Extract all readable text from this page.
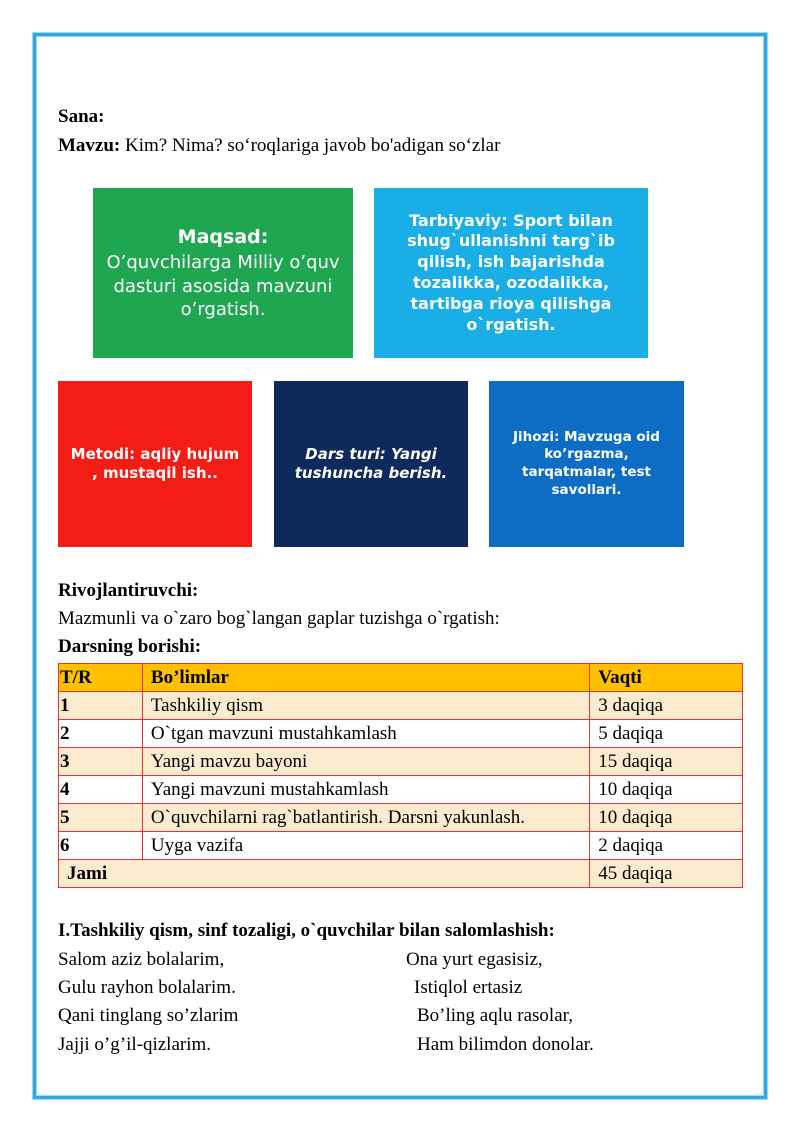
Sana:
Mavzu: Kim? Nima? so‘roqlariga javob bo'adigan so‘zlar
Maqsad:
O’quvchilarga Milliy o’quv dasturi asosida mavzuni o’rgatish.
Tarbiyaviy: Sport bilan shug`ullanishni targ`ib qilish, ish bajarishda tozalikka, ozodalikka, tartibga rioya qilishga o`rgatish.
Metodi: aqliy hujum , mustaqil ish..
Dars turi: Yangi tushuncha berish.
Jihozi: Mavzuga oid ko’rgazma, tarqatmalar, test savollari.
Rivojlantiruvchi:
Mazmunli va o`zaro bog`langan gaplar tuzishga o`rgatish:
Darsning borishi:
T/R	Bo’limlar	Vaqti
1	Tashkiliy qism	3 daqiqa
2	O`tgan mavzuni mustahkamlash	5 daqiqa
3	Yangi mavzu bayoni	15 daqiqa
4	Yangi mavzuni mustahkamlash	10 daqiqa
5	O`quvchilarni rag`batlantirish. Darsni yakunlash.	10 daqiqa
6	Uyga vazifa	2 daqiqa
Jami		45 daqiqa
I.Tashkiliy qism, sinf tozaligi, o`quvchilar bilan salomlashish:
Salom aziz bolalarim,
Gulu rayhon bolalarim.
Qani tinglang so’zlarim
Jajji o’g’il-qizlarim.
Ona yurt egasisiz,
Istiqlol ertasiz
Bo’ling aqlu rasolar,
Ham bilimdon donolar.
